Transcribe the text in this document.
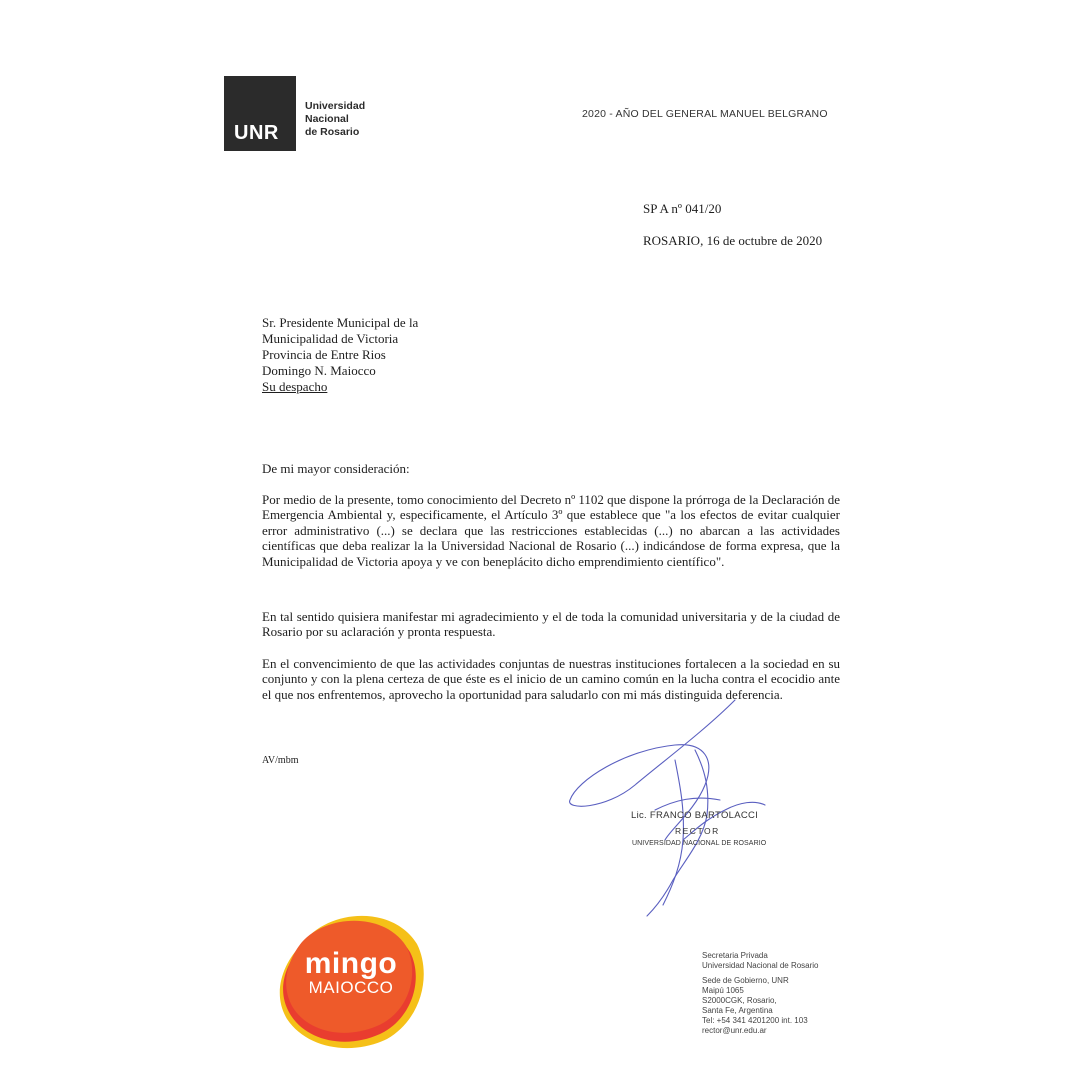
UNR
Universidad
Nacional
de Rosario
2020 - AÑO DEL GENERAL MANUEL BELGRANO
SP A nº 041/20
ROSARIO, 16 de octubre de 2020
Sr. Presidente Municipal de la
Municipalidad de Victoria
Provincia de Entre Rios
Domingo N. Maiocco
Su despacho

De mi mayor consideración:

Por medio de la presente, tomo conocimiento del Decreto nº 1102 que dispone la prórroga de la Declaración de Emergencia Ambiental y, especificamente, el Artículo 3º que establece que "a los efectos de evitar cualquier error administrativo (...) se declara que las restricciones establecidas (...) no abarcan a las actividades científicas que deba realizar la la Universidad Nacional de Rosario (...) indicándose de forma expresa, que la Municipalidad de Victoria apoya y ve con beneplácito dicho emprendimiento científico".

En tal sentido quisiera manifestar mi agradecimiento y el de toda la comunidad universitaria y de la ciudad de Rosario por su aclaración y pronta respuesta.

En el convencimiento de que las actividades conjuntas de nuestras instituciones fortalecen a la sociedad en su conjunto y con la plena certeza de que éste es el inicio de un camino común en la lucha contra el ecocidio ante el que nos enfrentemos, aprovecho la oportunidad para saludarlo con mi más distinguida deferencia.

AV/mbm
Lic. FRANCO BARTOLACCI
RECTOR
UNIVERSIDAD NACIONAL DE ROSARIO
Secretaria Privada
Universidad Nacional de Rosario
Sede de Gobierno, UNR
Maipú 1065
S2000CGK, Rosario,
Santa Fe, Argentina
Tel: +54 341 4201200 int. 103
rector@unr.edu.ar
mingo
MAIOCCO
